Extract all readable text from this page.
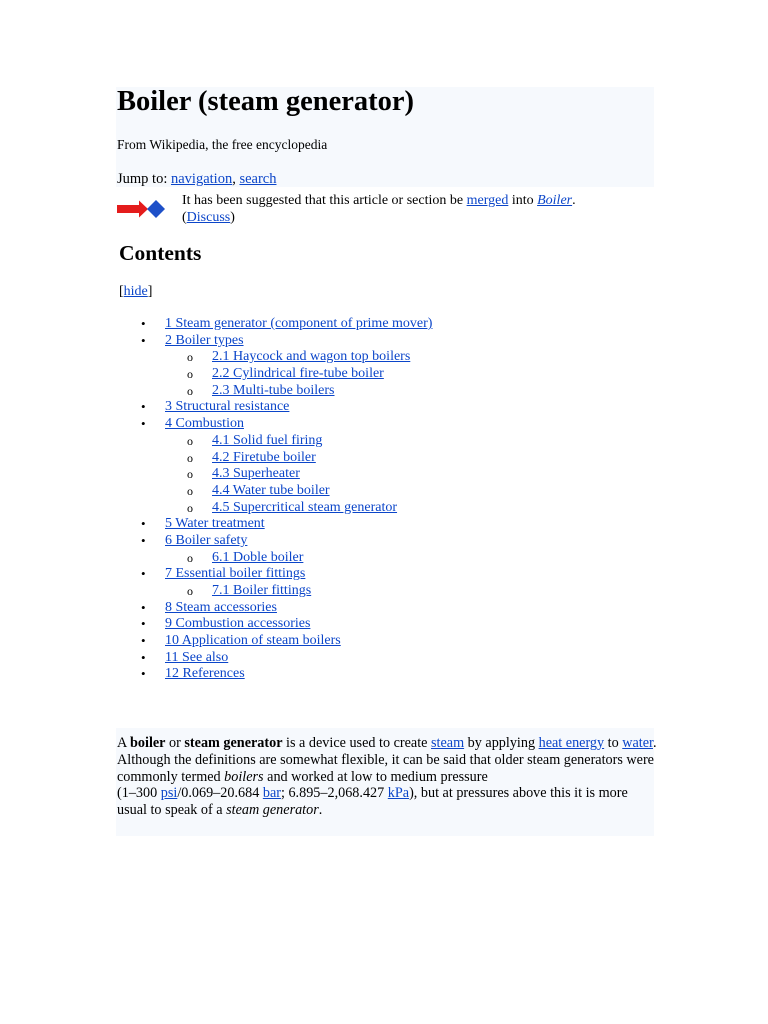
Boiler (steam generator)
From Wikipedia, the free encyclopedia
Jump to: navigation, search
It has been suggested that this article or section be merged into Boiler.
(Discuss)
Contents
[hide]
• 1 Steam generator (component of prime mover)
• 2 Boiler types
o 2.1 Haycock and wagon top boilers
o 2.2 Cylindrical fire-tube boiler
o 2.3 Multi-tube boilers
• 3 Structural resistance
• 4 Combustion
o 4.1 Solid fuel firing
o 4.2 Firetube boiler
o 4.3 Superheater
o 4.4 Water tube boiler
o 4.5 Supercritical steam generator
• 5 Water treatment
• 6 Boiler safety
o 6.1 Doble boiler
• 7 Essential boiler fittings
o 7.1 Boiler fittings
• 8 Steam accessories
• 9 Combustion accessories
• 10 Application of steam boilers
• 11 See also
• 12 References

A boiler or steam generator is a device used to create steam by applying heat energy to water. Although the definitions are somewhat flexible, it can be said that older steam generators were commonly termed boilers and worked at low to medium pressure
(1–300 psi/0.069–20.684 bar; 6.895–2,068.427 kPa), but at pressures above this it is more usual to speak of a steam generator.
